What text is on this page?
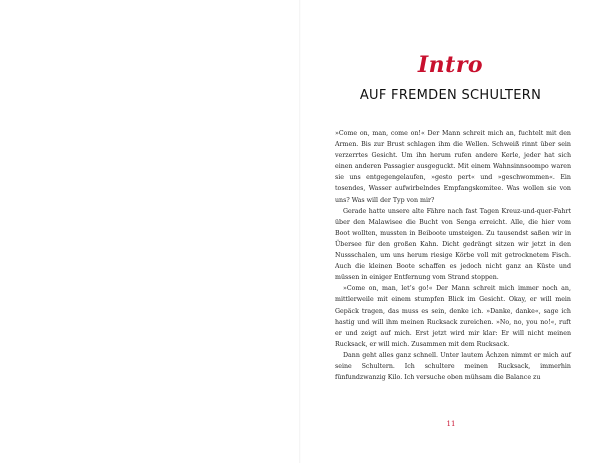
Intro
AUF FREMDEN SCHULTERN

»Come on, man, come on!« Der Mann schreit mich an, fuchtelt mit den Armen. Bis zur Brust schlagen ihm die Wellen. Schweiß rinnt über sein verzerrtes Gesicht. Um ihn herum rufen andere Kerle, jeder hat sich einen anderen Passagier ausgeguckt. Mit einem Wahnsinnsoompo waren sie uns entgegengelaufen, »gesto pert« und »geschwommen«. Ein tosendes, Wasser aufwirbelndes Empfangskomitee. Was wollen sie von uns? Was will der Typ von mir?

Gerade hatte unsere alte Fähre nach fast Tagen Kreuz-und-quer-Fahrt über den Malawisee die Bucht von Senga erreicht. Alle, die hier vom Boot wollten, mussten in Beiboote umsteigen. Zu tausendst saßen wir in Übersee für den großen Kahn. Dicht gedrängt sitzen wir jetzt in den Nussschalen, um uns herum riesige Körbe voll mit getrocknetem Fisch. Auch die kleinen Boote schaffen es jedoch nicht ganz an Küste und müssen in einiger Entfernung vom Strand stoppen.

»Come on, man, let’s go!« Der Mann schreit mich immer noch an, mittlerweile mit einem stumpfen Blick im Gesicht. Okay, er will mein Gepäck tragen, das muss es sein, denke ich. »Danke, danke«, sage ich hastig und will ihm meinen Rucksack zureichen. »No, no, you no!«, ruft er und zeigt auf mich. Erst jetzt wird mir klar: Er will nicht meinen Rucksack, er will mich. Zusammen mit dem Rucksack.

Dann geht alles ganz schnell. Unter lautem Ächzen nimmt er mich auf seine Schultern. Ich schultere meinen Rucksack, immerhin fünfundzwanzig Kilo. Ich versuche oben mühsam die Balance zu

11
